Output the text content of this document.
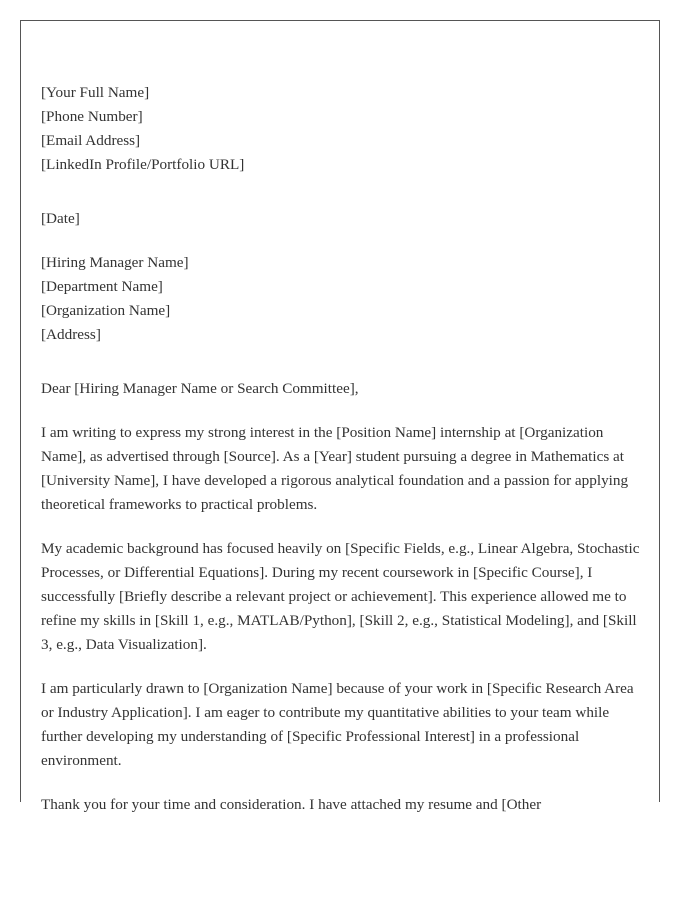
[Your Full Name]
[Phone Number]
[Email Address]
[LinkedIn Profile/Portfolio URL]
[Date]
[Hiring Manager Name]
[Department Name]
[Organization Name]
[Address]
Dear [Hiring Manager Name or Search Committee],

I am writing to express my strong interest in the [Position Name] internship at [Organization Name], as advertised through [Source]. As a [Year] student pursuing a degree in Mathematics at [University Name], I have developed a rigorous analytical foundation and a passion for applying theoretical frameworks to practical problems.

My academic background has focused heavily on [Specific Fields, e.g., Linear Algebra, Stochastic Processes, or Differential Equations]. During my recent coursework in [Specific Course], I successfully [Briefly describe a relevant project or achievement]. This experience allowed me to refine my skills in [Skill 1, e.g., MATLAB/Python], [Skill 2, e.g., Statistical Modeling], and [Skill 3, e.g., Data Visualization].

I am particularly drawn to [Organization Name] because of your work in [Specific Research Area or Industry Application]. I am eager to contribute my quantitative abilities to your team while further developing my understanding of [Specific Professional Interest] in a professional environment.

Thank you for your time and consideration. I have attached my resume and [Other
